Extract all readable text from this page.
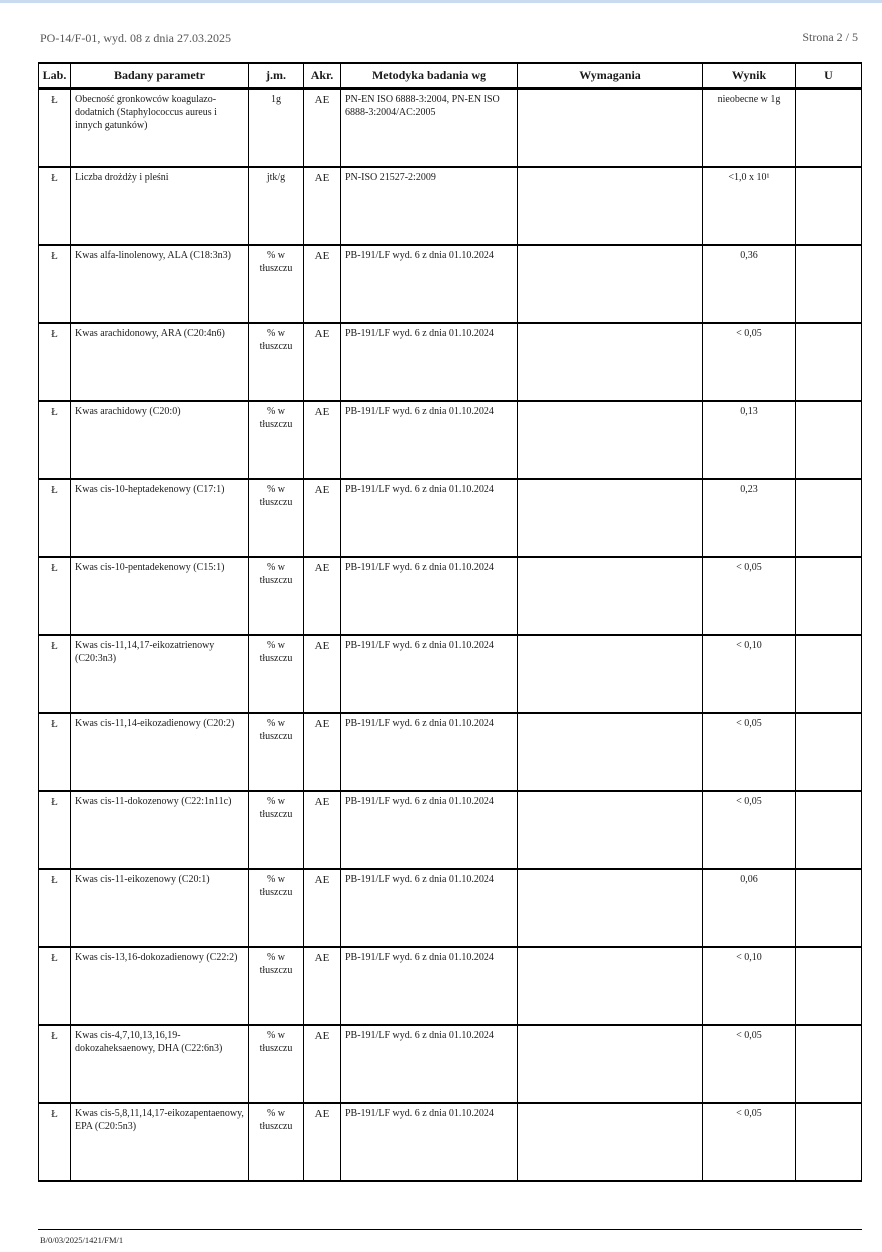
PO-14/F-01, wyd. 08 z dnia 27.03.2025	Strona 2 / 5
Lab.	Badany parametr	j.m.	Akr.	Metodyka badania wg	Wymagania	Wynik	U
Ł	Obecność gronkowców koagulazo-dodatnich (Staphylococcus aureus i innych gatunków)	1g	AE	PN-EN ISO 6888-3:2004, PN-EN ISO 6888-3:2004/AC:2005		nieobecne w 1g	
Ł	Liczba drożdży i pleśni	jtk/g	AE	PN-ISO 21527-2:2009		<1,0 x 10¹	
Ł	Kwas alfa-linolenowy, ALA (C18:3n3)	% w tłuszczu	AE	PB-191/LF wyd. 6 z dnia 01.10.2024		0,36	
Ł	Kwas arachidonowy, ARA (C20:4n6)	% w tłuszczu	AE	PB-191/LF wyd. 6 z dnia 01.10.2024		< 0,05	
Ł	Kwas arachidowy (C20:0)	% w tłuszczu	AE	PB-191/LF wyd. 6 z dnia 01.10.2024		0,13	
Ł	Kwas cis-10-heptadekenowy (C17:1)	% w tłuszczu	AE	PB-191/LF wyd. 6 z dnia 01.10.2024		0,23	
Ł	Kwas cis-10-pentadekenowy (C15:1)	% w tłuszczu	AE	PB-191/LF wyd. 6 z dnia 01.10.2024		< 0,05	
Ł	Kwas cis-11,14,17-eikozatrienowy (C20:3n3)	% w tłuszczu	AE	PB-191/LF wyd. 6 z dnia 01.10.2024		< 0,10	
Ł	Kwas cis-11,14-eikozadienowy (C20:2)	% w tłuszczu	AE	PB-191/LF wyd. 6 z dnia 01.10.2024		< 0,05	
Ł	Kwas cis-11-dokozenowy (C22:1n11c)	% w tłuszczu	AE	PB-191/LF wyd. 6 z dnia 01.10.2024		< 0,05	
Ł	Kwas cis-11-eikozenowy (C20:1)	% w tłuszczu	AE	PB-191/LF wyd. 6 z dnia 01.10.2024		0,06	
Ł	Kwas cis-13,16-dokozadienowy (C22:2)	% w tłuszczu	AE	PB-191/LF wyd. 6 z dnia 01.10.2024		< 0,10	
Ł	Kwas cis-4,7,10,13,16,19-dokozaheksaenowy, DHA (C22:6n3)	% w tłuszczu	AE	PB-191/LF wyd. 6 z dnia 01.10.2024		< 0,05	
Ł	Kwas cis-5,8,11,14,17-eikozapentaenowy, EPA (C20:5n3)	% w tłuszczu	AE	PB-191/LF wyd. 6 z dnia 01.10.2024		< 0,05	
B/0/03/2025/1421/FM/1
